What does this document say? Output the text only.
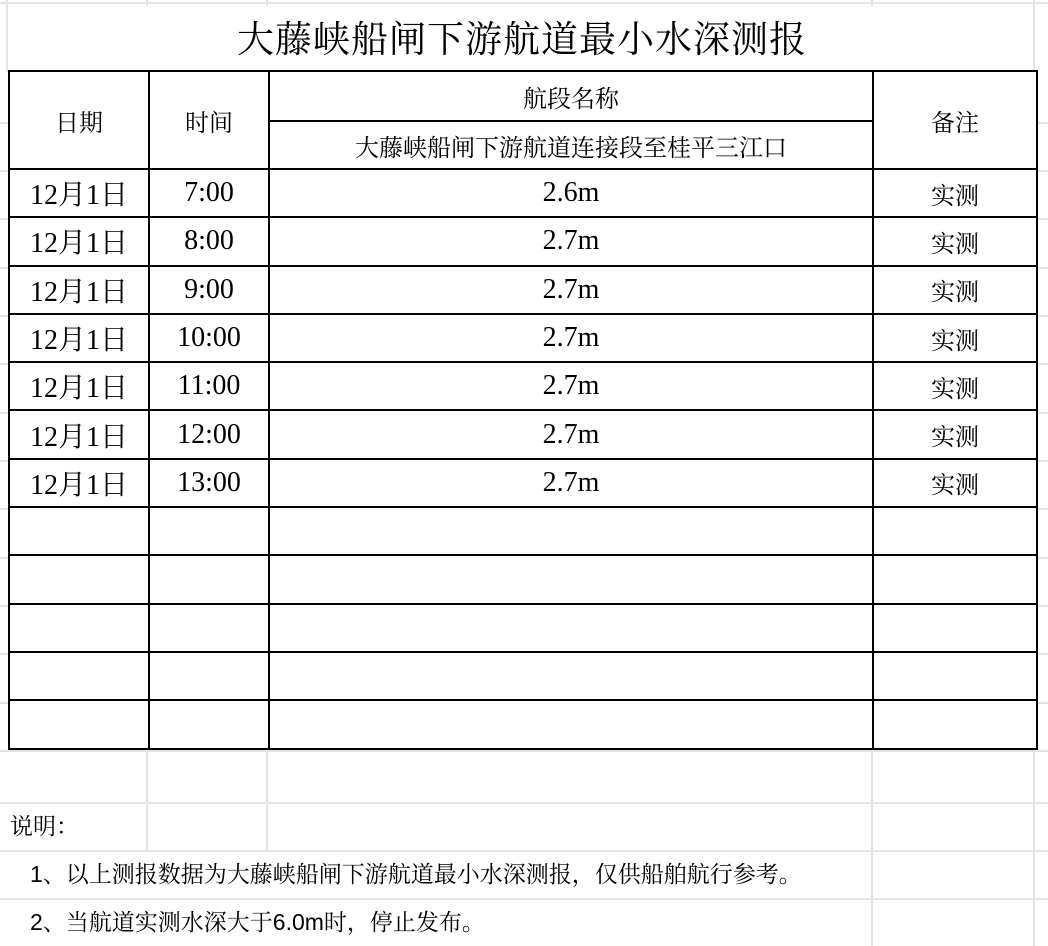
大藤峡船闸下游航道最小水深测报
日期	时间	航段名称	备注
		大藤峡船闸下游航道连接段至桂平三江口	
12月1日	7:00	2.6m	实测
12月1日	8:00	2.7m	实测
12月1日	9:00	2.7m	实测
12月1日	10:00	2.7m	实测
12月1日	11:00	2.7m	实测
12月1日	12:00	2.7m	实测
12月1日	13:00	2.7m	实测

说明：
1、以上测报数据为大藤峡船闸下游航道最小水深测报，仅供船舶航行参考。
2、当航道实测水深大于6.0m时，停止发布。
